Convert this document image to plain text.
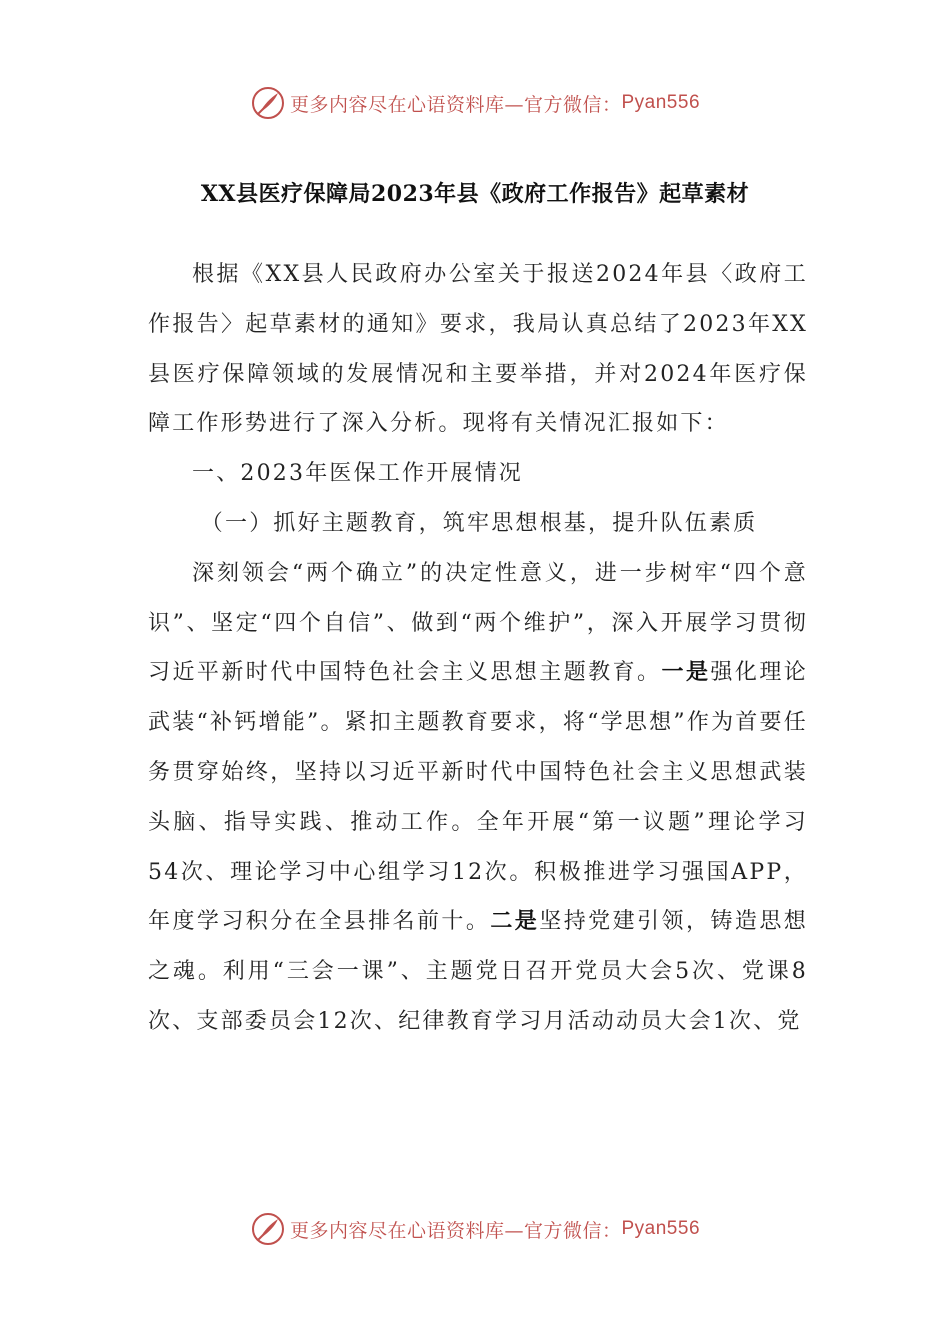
更多内容尽在心语资料库—官方微信： Pyan556
XX县医疗保障局2023年县《政府工作报告》起草素材

根据《XX县人民政府办公室关于报送2024年县〈政府工作报告〉起草素材的通知》要求，我局认真总结了2023年XX县医疗保障领域的发展情况和主要举措，并对2024年医疗保障工作形势进行了深入分析。现将有关情况汇报如下：

一、2023年医保工作开展情况

（一）抓好主题教育，筑牢思想根基，提升队伍素质

深刻领会“两个确立”的决定性意义，进一步树牢“四个意识”、坚定“四个自信”、做到“两个维护”，深入开展学习贯彻习近平新时代中国特色社会主义思想主题教育。一是强化理论武装“补钙增能”。紧扣主题教育要求，将“学思想”作为首要任务贯穿始终，坚持以习近平新时代中国特色社会主义思想武装头脑、指导实践、推动工作。全年开展“第一议题”理论学习54次、理论学习中心组学习12次。积极推进学习强国APP，年度学习积分在全县排名前十。二是坚持党建引领，铸造思想之魂。利用“三会一课”、主题党日召开党员大会5次、党课8次、支部委员会12次、纪律教育学习月活动动员大会1次、党

更多内容尽在心语资料库—官方微信： Pyan556
